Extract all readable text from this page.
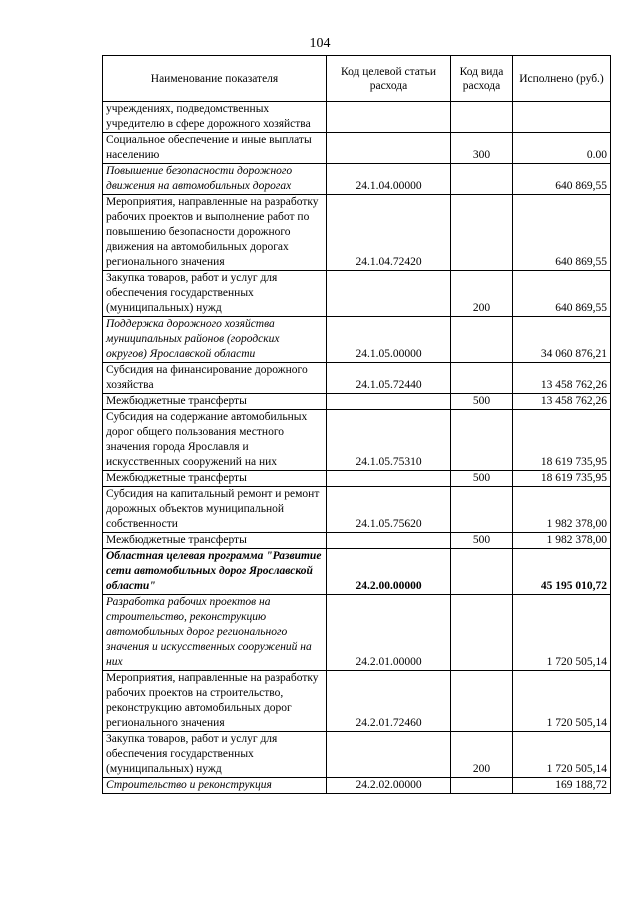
104
Наименование показателя	Код целевой статьи расхода	Код вида расхода	Исполнено (руб.)
учреждениях, подведомственных учредителю в сфере дорожного хозяйства			
Социальное обеспечение и иные выплаты населению		300	0.00
Повышение безопасности дорожного движения на автомобильных дорогах	24.1.04.00000		640 869,55
Мероприятия, направленные на разработку рабочих проектов и выполнение работ по повышению безопасности дорожного движения на автомобильных дорогах регионального значения	24.1.04.72420		640 869,55
Закупка товаров, работ и услуг для обеспечения государственных (муниципальных) нужд		200	640 869,55
Поддержка дорожного хозяйства муниципальных районов (городских округов) Ярославской области	24.1.05.00000		34 060 876,21
Субсидия на финансирование дорожного хозяйства	24.1.05.72440		13 458 762,26
Межбюджетные трансферты		500	13 458 762,26
Субсидия на содержание автомобильных дорог общего пользования местного значения города Ярославля и искусственных сооружений на них	24.1.05.75310		18 619 735,95
Межбюджетные трансферты		500	18 619 735,95
Субсидия на капитальный ремонт и ремонт дорожных объектов муниципальной собственности	24.1.05.75620		1 982 378,00
Межбюджетные трансферты		500	1 982 378,00
Областная целевая программа "Развитие сети автомобильных дорог Ярославской области"	24.2.00.00000		45 195 010,72
Разработка рабочих проектов на строительство, реконструкцию автомобильных дорог регионального значения и искусственных сооружений на них	24.2.01.00000		1 720 505,14
Мероприятия, направленные на разработку рабочих проектов на строительство, реконструкцию автомобильных дорог регионального значения	24.2.01.72460		1 720 505,14
Закупка товаров, работ и услуг для обеспечения государственных (муниципальных) нужд		200	1 720 505,14
Строительство и реконструкция	24.2.02.00000		169 188,72
